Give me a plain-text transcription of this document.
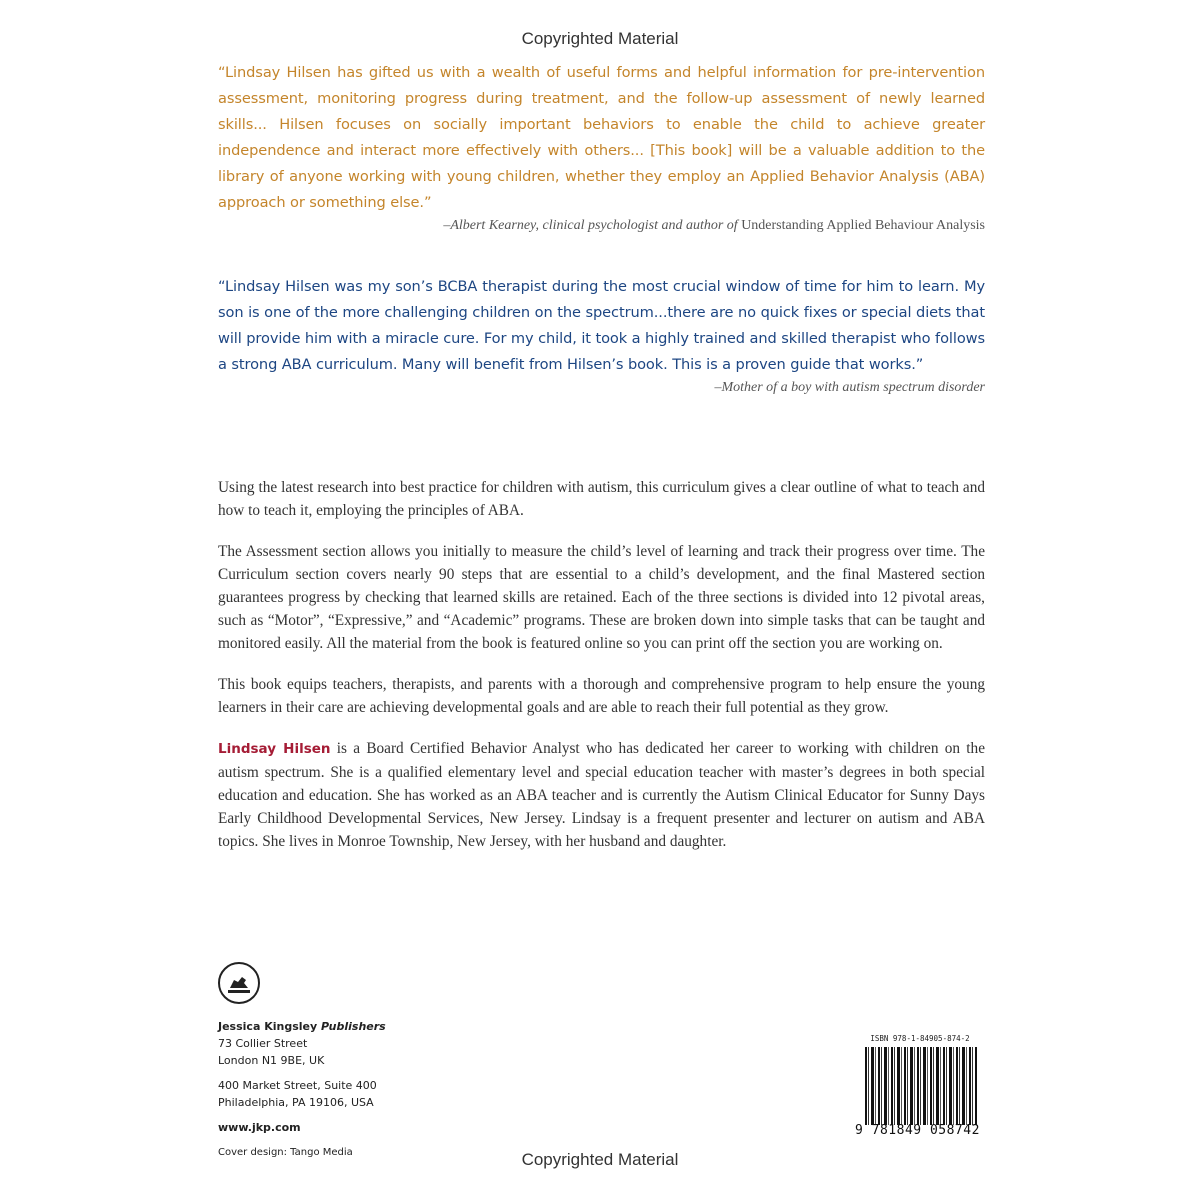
Copyrighted Material

“Lindsay Hilsen has gifted us with a wealth of useful forms and helpful information for pre-intervention assessment, monitoring progress during treatment, and the follow-up assessment of newly learned skills... Hilsen focuses on socially important behaviors to enable the child to achieve greater independence and interact more effectively with others... [This book] will be a valuable addition to the library of anyone working with young children, whether they employ an Applied Behavior Analysis (ABA) approach or something else.”

–Albert Kearney, clinical psychologist and author of Understanding Applied Behaviour Analysis

“Lindsay Hilsen was my son’s BCBA therapist during the most crucial window of time for him to learn. My son is one of the more challenging children on the spectrum...there are no quick fixes or special diets that will provide him with a miracle cure. For my child, it took a highly trained and skilled therapist who follows a strong ABA curriculum. Many will benefit from Hilsen’s book. This is a proven guide that works.”

–Mother of a boy with autism spectrum disorder

Using the latest research into best practice for children with autism, this curriculum gives a clear outline of what to teach and how to teach it, employing the principles of ABA.

The Assessment section allows you initially to measure the child’s level of learning and track their progress over time. The Curriculum section covers nearly 90 steps that are essential to a child’s development, and the final Mastered section guarantees progress by checking that learned skills are retained. Each of the three sections is divided into 12 pivotal areas, such as “Motor”, “Expressive,” and “Academic” programs. These are broken down into simple tasks that can be taught and monitored easily. All the material from the book is featured online so you can print off the section you are working on.

This book equips teachers, therapists, and parents with a thorough and comprehensive program to help ensure the young learners in their care are achieving developmental goals and are able to reach their full potential as they grow.

Lindsay Hilsen is a Board Certified Behavior Analyst who has dedicated her career to working with children on the autism spectrum. She is a qualified elementary level and special education teacher with master’s degrees in both special education and education. She has worked as an ABA teacher and is currently the Autism Clinical Educator for Sunny Days Early Childhood Developmental Services, New Jersey. Lindsay is a frequent presenter and lecturer on autism and ABA topics. She lives in Monroe Township, New Jersey, with her husband and daughter.

Jessica Kingsley Publishers
73 Collier Street
London N1 9BE, UK
400 Market Street, Suite 400
Philadelphia, PA 19106, USA
www.jkp.com
Cover design: Tango Media
ISBN 978-1-84905-874-2
9 781849 058742
Copyrighted Material
